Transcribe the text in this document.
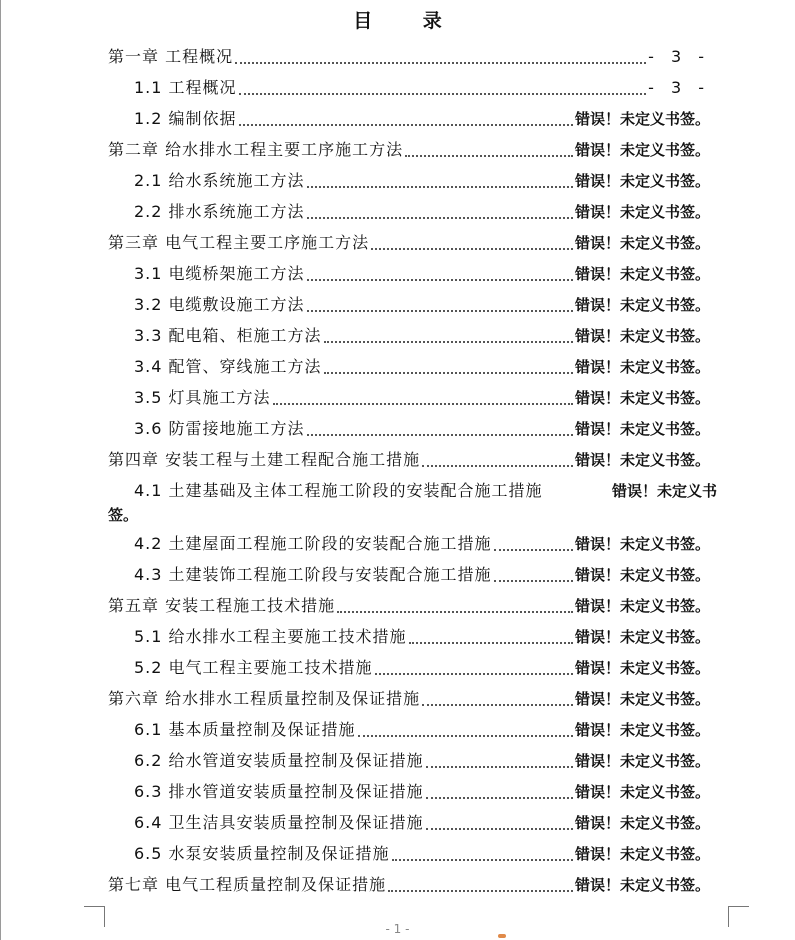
目 录
第一章 工程概况	- 3 -
1.1 工程概况	- 3 -
1.2 编制依据	错误！未定义书签。
第二章 给水排水工程主要工序施工方法	错误！未定义书签。
2.1 给水系统施工方法	错误！未定义书签。
2.2 排水系统施工方法	错误！未定义书签。
第三章 电气工程主要工序施工方法	错误！未定义书签。
3.1 电缆桥架施工方法	错误！未定义书签。
3.2 电缆敷设施工方法	错误！未定义书签。
3.3 配电箱、柜施工方法	错误！未定义书签。
3.4 配管、穿线施工方法	错误！未定义书签。
3.5 灯具施工方法	错误！未定义书签。
3.6 防雷接地施工方法	错误！未定义书签。
第四章 安装工程与土建工程配合施工措施	错误！未定义书签。
4.1 土建基础及主体工程施工阶段的安装配合施工措施	错误！未定义书
签。
4.2 土建屋面工程施工阶段的安装配合施工措施	错误！未定义书签。
4.3 土建装饰工程施工阶段与安装配合施工措施	错误！未定义书签。
第五章 安装工程施工技术措施	错误！未定义书签。
5.1 给水排水工程主要施工技术措施	错误！未定义书签。
5.2 电气工程主要施工技术措施	错误！未定义书签。
第六章 给水排水工程质量控制及保证措施	错误！未定义书签。
6.1 基本质量控制及保证措施	错误！未定义书签。
6.2 给水管道安装质量控制及保证措施	错误！未定义书签。
6.3 排水管道安装质量控制及保证措施	错误！未定义书签。
6.4 卫生洁具安装质量控制及保证措施	错误！未定义书签。
6.5 水泵安装质量控制及保证措施	错误！未定义书签。
第七章 电气工程质量控制及保证措施	错误！未定义书签。
- 1 -
